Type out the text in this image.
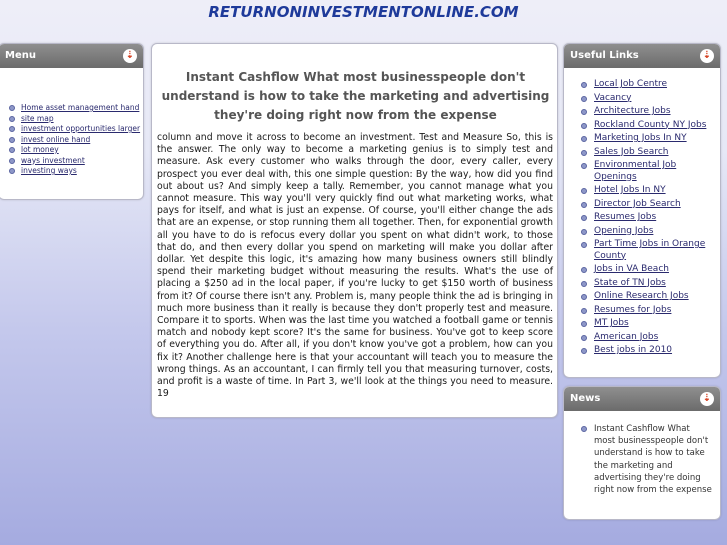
RETURNONINVESTMENTONLINE.COM
Menu	⇣
Home asset management hand
site map
investment opportunities larger
invest online hand
lot money
ways investment
investing ways
Instant Cashflow What most businesspeople don't understand is how to take the marketing and advertising they're doing right now from the expense

column and move it across to become an investment. Test and Measure So, this is the answer. The only way to become a marketing genius is to simply test and measure. Ask every customer who walks through the door, every caller, every prospect you ever deal with, this one simple question: By the way, how did you find out about us? And simply keep a tally. Remember, you cannot manage what you cannot measure. This way you'll very quickly find out what marketing works, what pays for itself, and what is just an expense. Of course, you'll either change the ads that are an expense, or stop running them all together. Then, for exponential growth all you have to do is refocus every dollar you spent on what didn't work, to those that do, and then every dollar you spend on marketing will make you dollar after dollar. Yet despite this logic, it's amazing how many business owners still blindly spend their marketing budget without measuring the results. What's the use of placing a $250 ad in the local paper, if you're lucky to get $150 worth of business from it? Of course there isn't any. Problem is, many people think the ad is bringing in much more business than it really is because they don't properly test and measure. Compare it to sports. When was the last time you watched a football game or tennis match and nobody kept score? It's the same for business. You've got to keep score of everything you do. After all, if you don't know you've got a problem, how can you fix it? Another challenge here is that your accountant will teach you to measure the wrong things. As an accountant, I can firmly tell you that measuring turnover, costs, and profit is a waste of time. In Part 3, we'll look at the things you need to measure. 19

Useful Links	⇣
Local Job Centre
Vacancy
Architecture Jobs
Rockland County NY Jobs
Marketing Jobs In NY
Sales Job Search
Environmental Job Openings
Hotel Jobs In NY
Director Job Search
Resumes Jobs
Opening Jobs
Part Time Jobs in Orange County
Jobs in VA Beach
State of TN Jobs
Online Research Jobs
Resumes for Jobs
MT Jobs
American Jobs
Best jobs in 2010
News	⇣
Instant Cashflow What most businesspeople don't understand is how to take the marketing and advertising they're doing right now from the expense
